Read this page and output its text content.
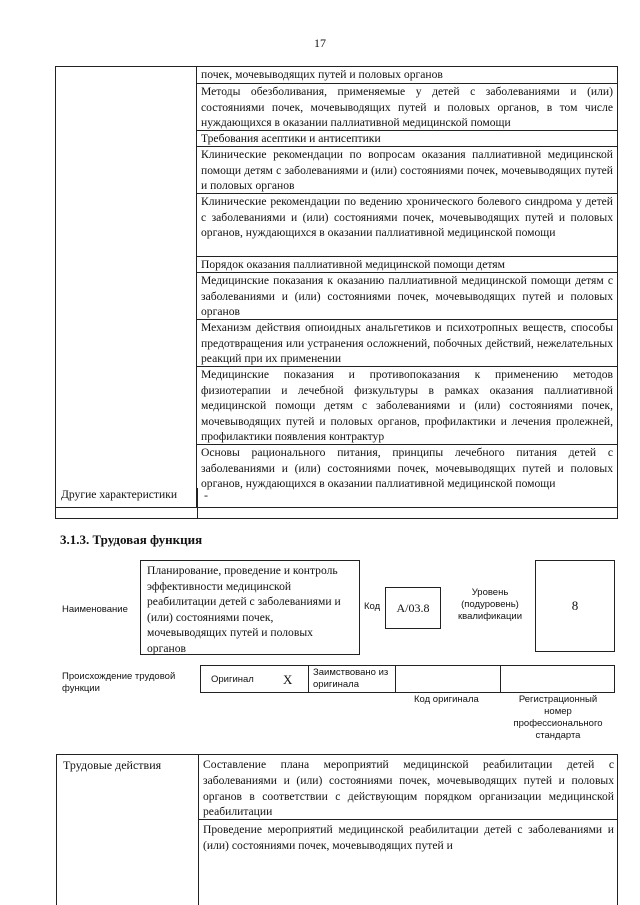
17
почек, мочевыводящих путей и половых органов
Методы обезболивания, применяемые у детей с заболеваниями и (или) состояниями почек, мочевыводящих путей и половых органов, в том числе нуждающихся в оказании паллиативной медицинской помощи
Требования асептики и антисептики
Клинические рекомендации по вопросам оказания паллиативной медицинской помощи детям с заболеваниями и (или) состояниями почек, мочевыводящих путей и половых органов
Клинические рекомендации по ведению хронического болевого синдрома у детей с заболеваниями и (или) состояниями почек, мочевыводящих путей и половых органов, нуждающихся в оказании паллиативной медицинской помощи
Порядок оказания паллиативной медицинской помощи детям
Медицинские показания к оказанию паллиативной медицинской помощи детям с заболеваниями и (или) состояниями почек, мочевыводящих путей и половых органов
Механизм действия опиоидных анальгетиков и психотропных веществ, способы предотвращения или устранения осложнений, побочных действий, нежелательных реакций при их применении
Медицинские показания и противопоказания к применению методов физиотерапии и лечебной физкультуры в рамках оказания паллиативной медицинской помощи детям с заболеваниями и (или) состояниями почек, мочевыводящих путей и половых органов, профилактики и лечения пролежней, профилактики появления контрактур
Основы рационального питания, принципы лечебного питания детей с заболеваниями и (или) состояниями почек, мочевыводящих путей и половых органов, нуждающихся в оказании паллиативной медицинской помощи
Другие характеристики	-
3.1.3. Трудовая функция
Наименование
Планирование, проведение и контроль эффективности медицинской реабилитации детей с заболеваниями и (или) состояниями почек, мочевыводящих путей и половых органов
Код	А/03.8
Уровень (подуровень) квалификации
8
Происхождение трудовой функции
Оригинал X Заимствовано из оригинала
Код оригинала	Регистрационный номер профессионального стандарта
Трудовые действия	Составление плана мероприятий медицинской реабилитации детей с заболеваниями и (или) состояниями почек, мочевыводящих путей и половых органов в соответствии с действующим порядком организации медицинской реабилитации
Проведение мероприятий медицинской реабилитации детей с заболеваниями и (или) состояниями почек, мочевыводящих путей и
